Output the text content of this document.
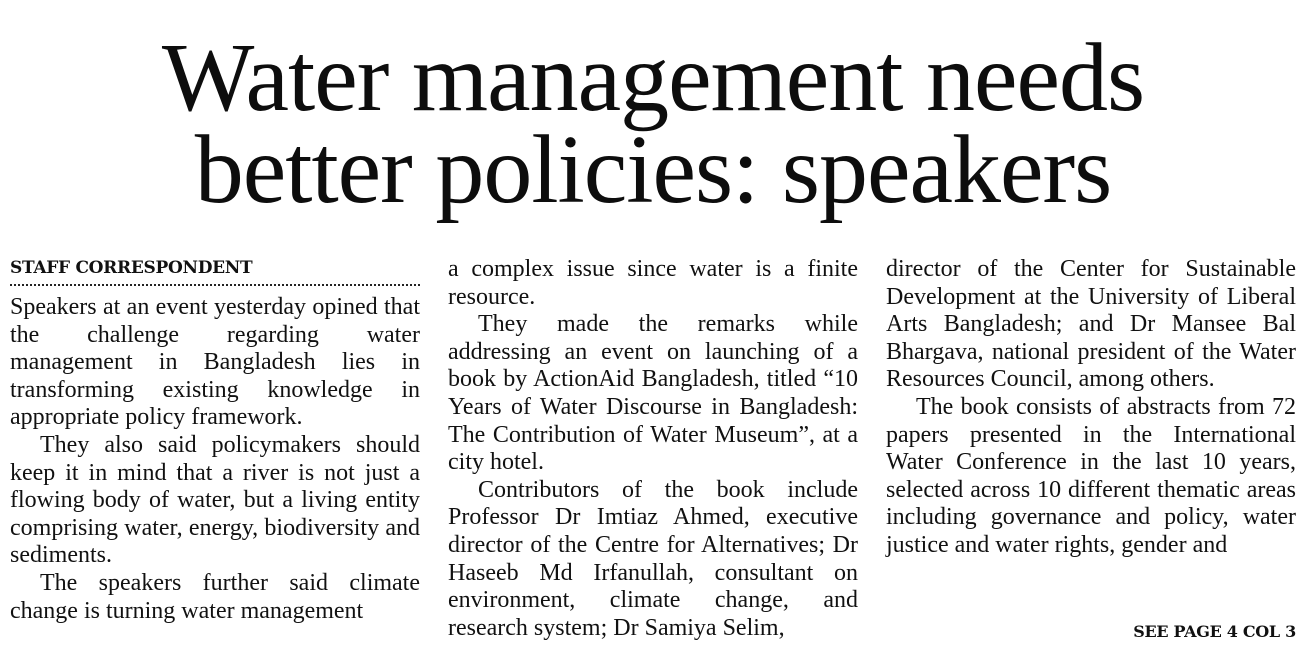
Water management needs
better policies: speakers
STAFF CORRESPONDENT

Speakers at an event yesterday opined that the challenge regarding water management in Bangladesh lies in transforming existing knowledge in appropriate policy framework.

They also said policymakers should keep it in mind that a river is not just a flowing body of water, but a living entity comprising water, energy, biodiversity and sediments.

The speakers further said climate change is turning water management

a complex issue since water is a finite resource.

They made the remarks while addressing an event on launching of a book by ActionAid Bangladesh, titled “10 Years of Water Discourse in Bangladesh: The Contribution of Water Museum”, at a city hotel.

Contributors of the book include Professor Dr Imtiaz Ahmed, executive director of the Centre for Alternatives; Dr Haseeb Md Irfanullah, consultant on environment, climate change, and research system; Dr Samiya Selim,

director of the Center for Sustainable Development at the University of Liberal Arts Bangladesh; and Dr Mansee Bal Bhargava, national president of the Water Resources Council, among others.

The book consists of abstracts from 72 papers presented in the International Water Conference in the last 10 years, selected across 10 different thematic areas including governance and policy, water justice and water rights, gender and

SEE PAGE 4 COL 3
